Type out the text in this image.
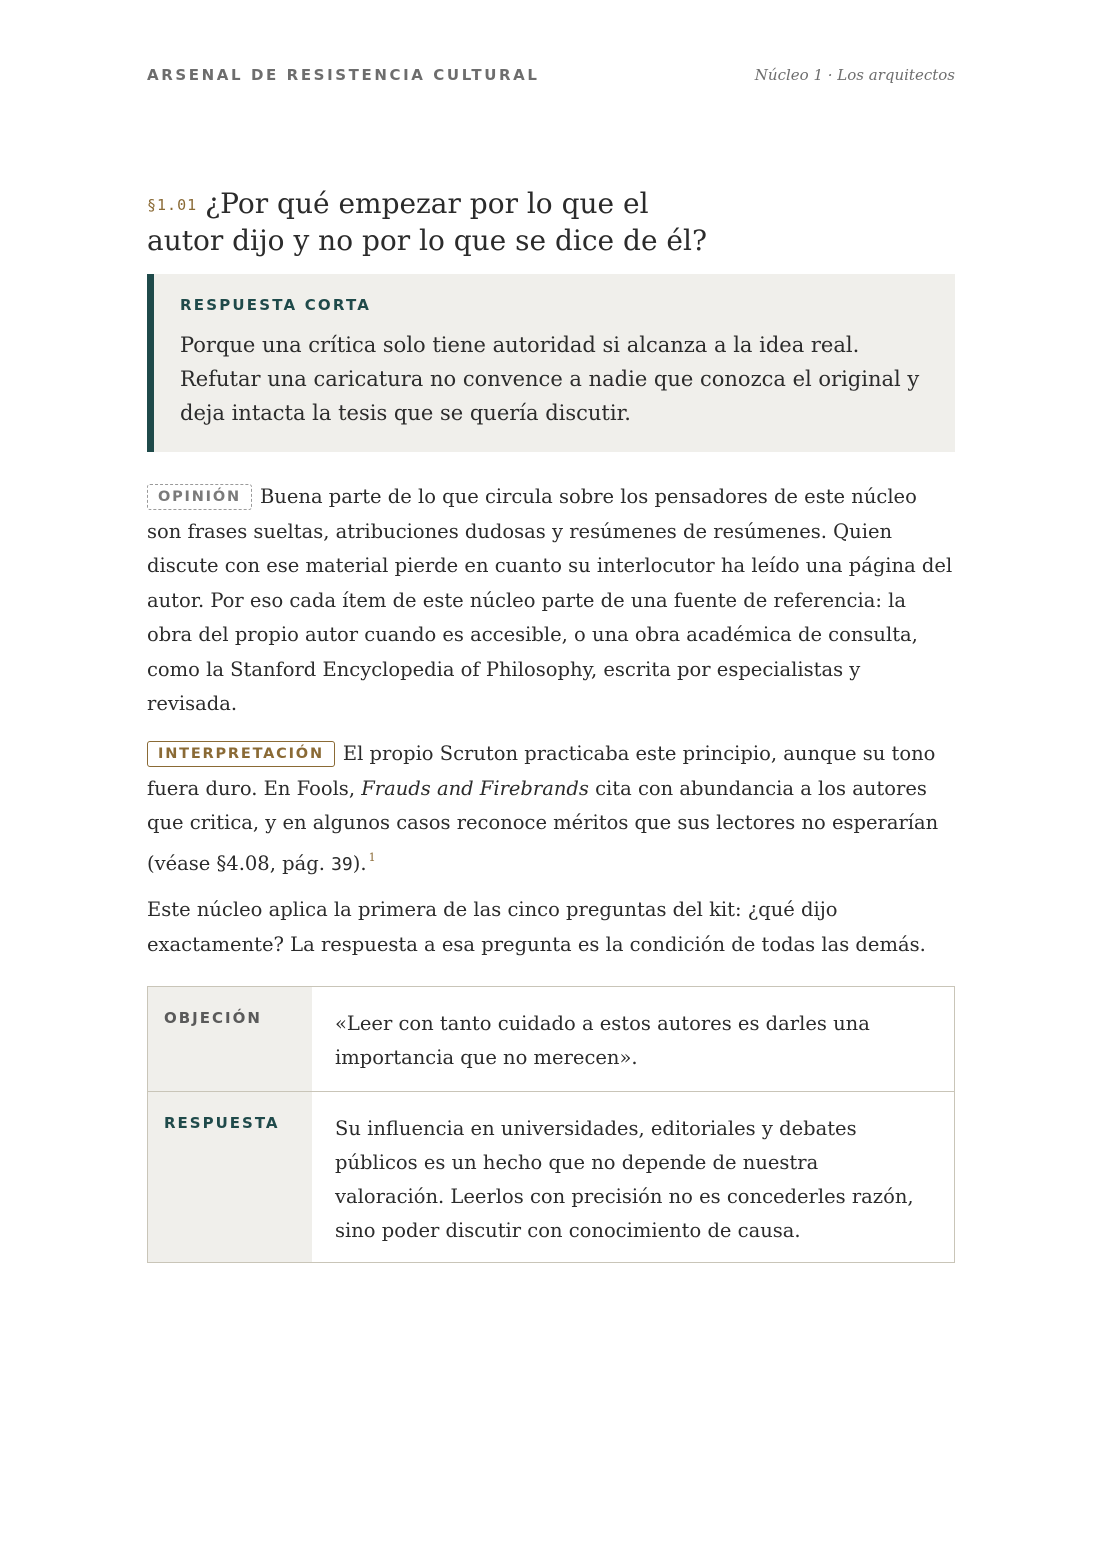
ARSENAL DE RESISTENCIA CULTURAL	Núcleo 1 · Los arquitectos
§1.01 ¿Por qué empezar por lo que el autor dijo y no por lo que se dice de él?
RESPUESTA CORTA
Porque una crítica solo tiene autoridad si alcanza a la idea real. Refutar una caricatura no convence a nadie que conozca el original y deja intacta la tesis que se quería discutir.

OPINIÓN Buena parte de lo que circula sobre los pensadores de este núcleo son frases sueltas, atribuciones dudosas y resúmenes de resúmenes. Quien discute con ese material pierde en cuanto su interlocutor ha leído una página del autor. Por eso cada ítem de este núcleo parte de una fuente de referencia: la obra del propio autor cuando es accesible, o una obra académica de consulta, como la Stanford Encyclopedia of Philosophy, escrita por especialistas y revisada.

INTERPRETACIÓN El propio Scruton practicaba este principio, aunque su tono fuera duro. En Fools, Frauds and Firebrands cita con abundancia a los autores que critica, y en algunos casos reconoce méritos que sus lectores no esperarían (véase §4.08, pág. 39). $^1$

Este núcleo aplica la primera de las cinco preguntas del kit: ¿qué dijo exactamente? La respuesta a esa pregunta es la condición de todas las demás.

OBJECIÓN	«Leer con tanto cuidado a estos autores es darles una importancia que no merecen».
RESPUESTA	Su influencia en universidades, editoriales y debates públicos es un hecho que no depende de nuestra valoración. Leerlos con precisión no es concederles razón, sino poder discutir con conocimiento de causa.
